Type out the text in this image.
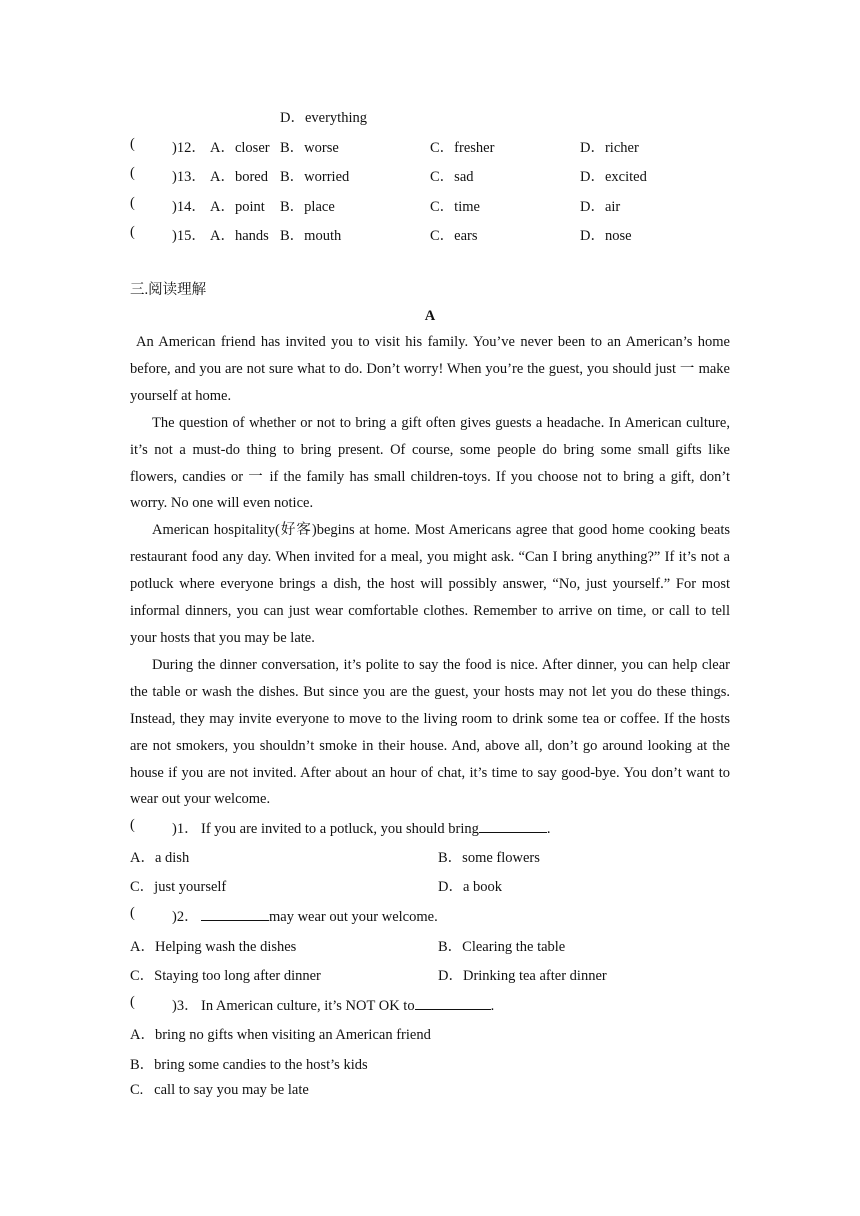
D．everything
(	)12． A．closer B．worse	C．fresher	D．richer
(	)13． A．bored B．worried	C．sad	D．excited
(	)14． A．point B．place	C．time	D．air
(	)15． A．hands B．mouth	C．ears	D．nose
三.阅读理解
A

An American friend has invited you to visit his family. You’ve never been to an American’s home before, and you are not sure what to do. Don’t worry! When you’re the guest, you should just 一 make yourself at home.

The question of whether or not to bring a gift often gives guests a headache. In American culture, it’s not a must-do thing to bring present. Of course, some people do bring some small gifts like flowers, candies or 一 if the family has small children-toys. If you choose not to bring a gift, don’t worry. No one will even notice.

American hospitality(好客)begins at home. Most Americans agree that good home cooking beats restaurant food any day. When invited for a meal, you might ask. “Can I bring anything?” If it’s not a potluck where everyone brings a dish, the host will possibly answer, “No, just yourself.” For most informal dinners, you can just wear comfortable clothes. Remember to arrive on time, or call to tell your hosts that you may be late.

During the dinner conversation, it’s polite to say the food is nice. After dinner, you can help clear the table or wash the dishes. But since you are the guest, your hosts may not let you do these things. Instead, they may invite everyone to move to the living room to drink some tea or coffee. If the hosts are not smokers, you shouldn’t smoke in their house. And, above all, don’t go around looking at the house if you are not invited. After about an hour of chat, it’s time to say good-bye. You don’t want to wear out your welcome.

(	)1． If you are invited to a potluck, you should bring	.
A．a dish	B．some flowers
C．just yourself	D．a book
(	)2．	may wear out your welcome.
A．Helping wash the dishes	B．Clearing the table
C．Staying too long after dinner	D．Drinking tea after dinner
(	)3． In American culture, it’s NOT OK to	.
A．bring no gifts when visiting an American friend
B．bring some candies to the host’s kids
C.   call to say you may be late
